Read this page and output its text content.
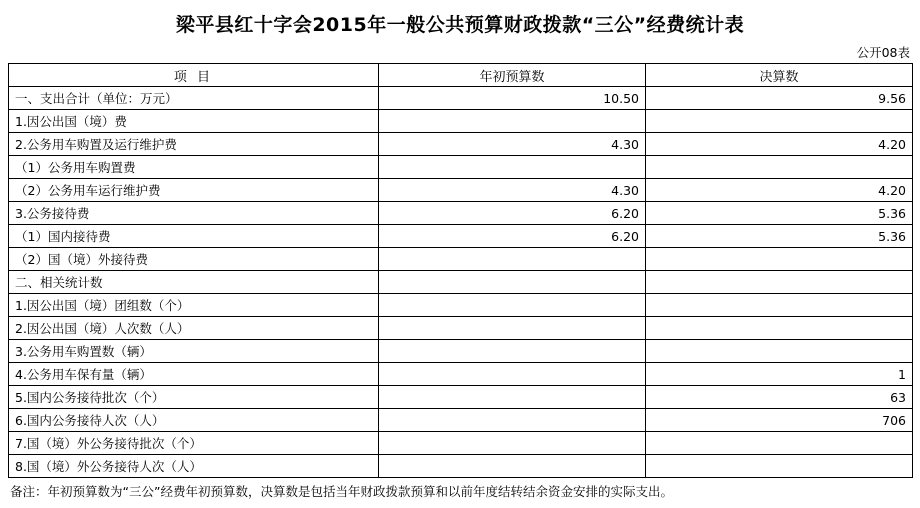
梁平县红十字会2015年一般公共预算财政拨款“三公”经费统计表
公开08表
项 目	年初预算数	决算数
一、支出合计（单位：万元）	10.50	9.56
1.因公出国（境）费		
2.公务用车购置及运行维护费	4.30	4.20
（1）公务用车购置费		
（2）公务用车运行维护费	4.30	4.20
3.公务接待费	6.20	5.36
（1）国内接待费	6.20	5.36
（2）国（境）外接待费		
二、相关统计数		
1.因公出国（境）团组数（个）		
2.因公出国（境）人次数（人）		
3.公务用车购置数（辆）		
4.公务用车保有量（辆）		1
5.国内公务接待批次（个）		63
6.国内公务接待人次（人）		706
7.国（境）外公务接待批次（个）		
8.国（境）外公务接待人次（人）		
备注：年初预算数为“三公”经费年初预算数，决算数是包括当年财政拨款预算和以前年度结转结余资金安排的实际支出。
